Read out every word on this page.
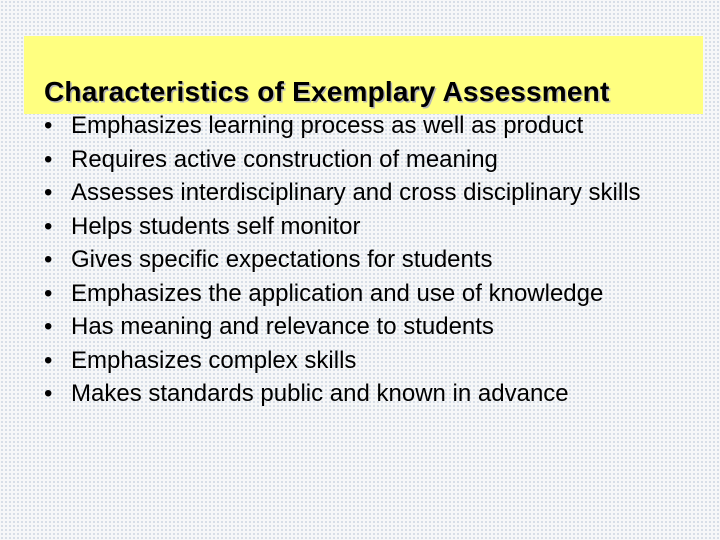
Characteristics of Exemplary Assessment
• Emphasizes learning process as well as product
• Requires active construction of meaning
• Assesses interdisciplinary and cross disciplinary skills
• Helps students self monitor
• Gives specific expectations for students
• Emphasizes the application and use of knowledge
• Has meaning and relevance to students
• Emphasizes complex skills
• Makes standards public and known in advance
